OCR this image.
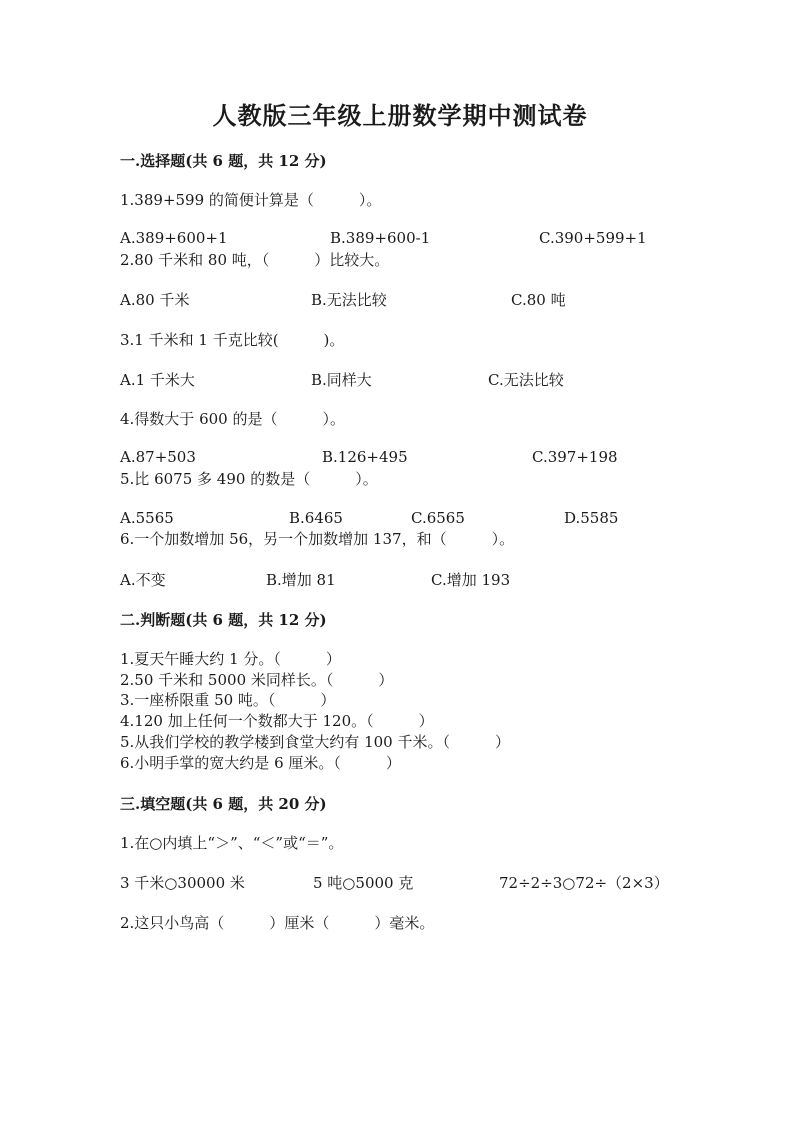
人教版三年级上册数学期中测试卷
一.选择题(共 6 题，共 12 分)
1.389+599 的简便计算是（　　　）。
A.389+600+1	B.389+600-1	C.390+599+1
2.80 千米和 80 吨，（　　　）比较大。
A.80 千米	B.无法比较	C.80 吨
3.1 千米和 1 千克比较(　　　)。
A.1 千米大	B.同样大	C.无法比较
4.得数大于 600 的是（　　　）。
A.87+503	B.126+495	C.397+198
5.比 6075 多 490 的数是（　　　）。
A.5565	B.6465	C.6565	D.5585
6.一个加数增加 56，另一个加数增加 137，和（　　　）。
A.不变	B.增加 81	C.增加 193
二.判断题(共 6 题，共 12 分)
1.夏天午睡大约 1 分。（　　　）
2.50 千米和 5000 米同样长。（　　　）
3.一座桥限重 50 吨。（　　　）
4.120 加上任何一个数都大于 120。（　　　）
5.从我们学校的教学楼到食堂大约有 100 千米。（　　　）
6.小明手掌的宽大约是 6 厘米。（　　　）
三.填空题(共 6 题，共 20 分)
1.在○内填上“＞”、“＜”或“＝”。
3 千米○30000 米	5 吨○5000 克	72÷2÷3○72÷（2×3）
2.这只小鸟高（　　　）厘米（　　　）毫米。
